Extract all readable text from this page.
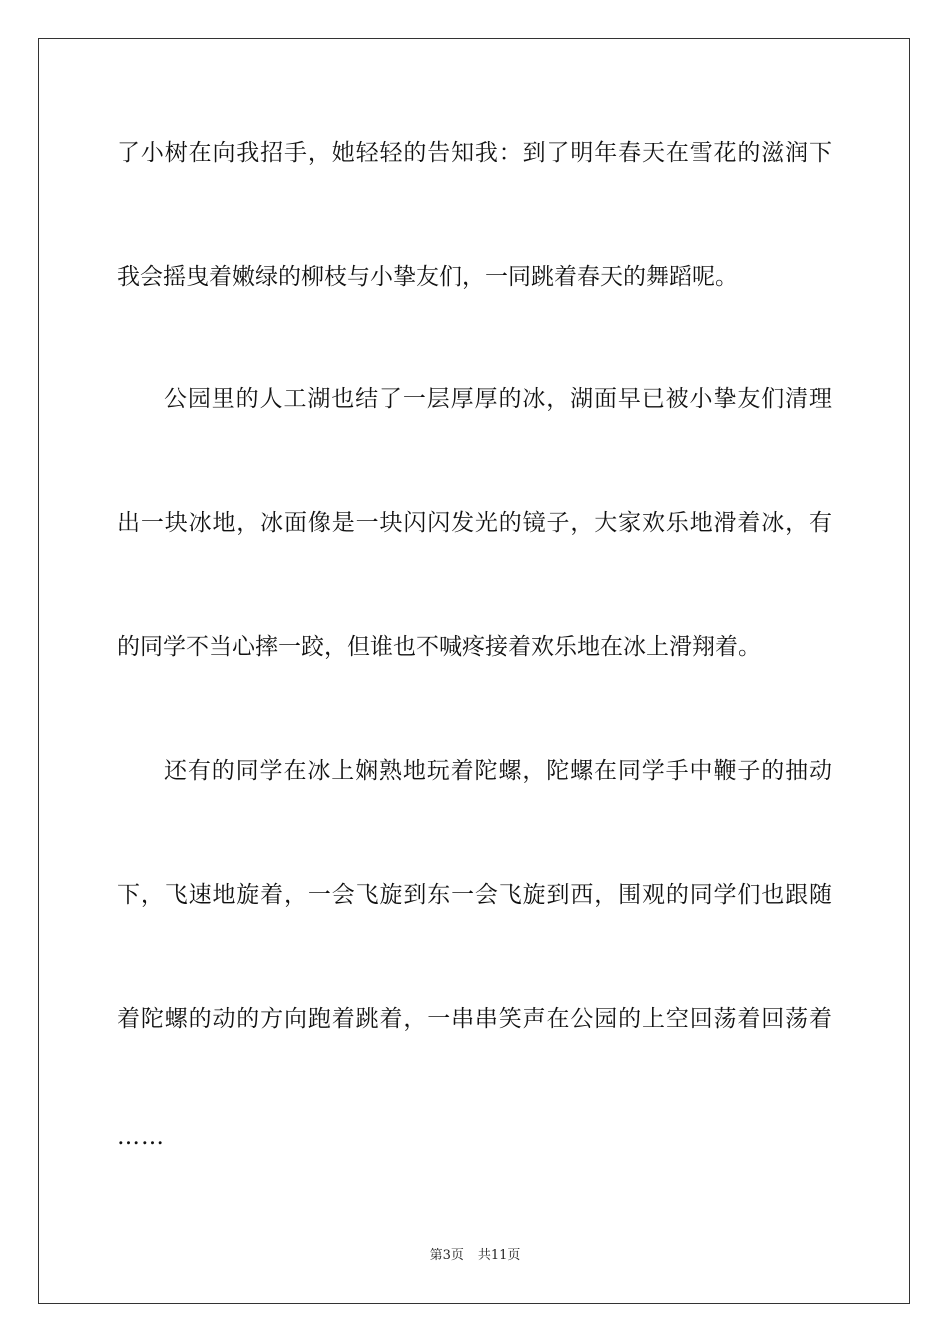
了小树在向我招手，她轻轻的告知我：到了明年春天在雪花的滋润下
我会摇曳着嫩绿的柳枝与小挚友们，一同跳着春天的舞蹈呢。
公园里的人工湖也结了一层厚厚的冰，湖面早已被小挚友们清理
出一块冰地，冰面像是一块闪闪发光的镜子，大家欢乐地滑着冰，有
的同学不当心摔一跤，但谁也不喊疼接着欢乐地在冰上滑翔着。
还有的同学在冰上娴熟地玩着陀螺，陀螺在同学手中鞭子的抽动
下，飞速地旋着，一会飞旋到东一会飞旋到西，围观的同学们也跟随
着陀螺的动的方向跑着跳着，一串串笑声在公园的上空回荡着回荡着
……
第3页 共11页
